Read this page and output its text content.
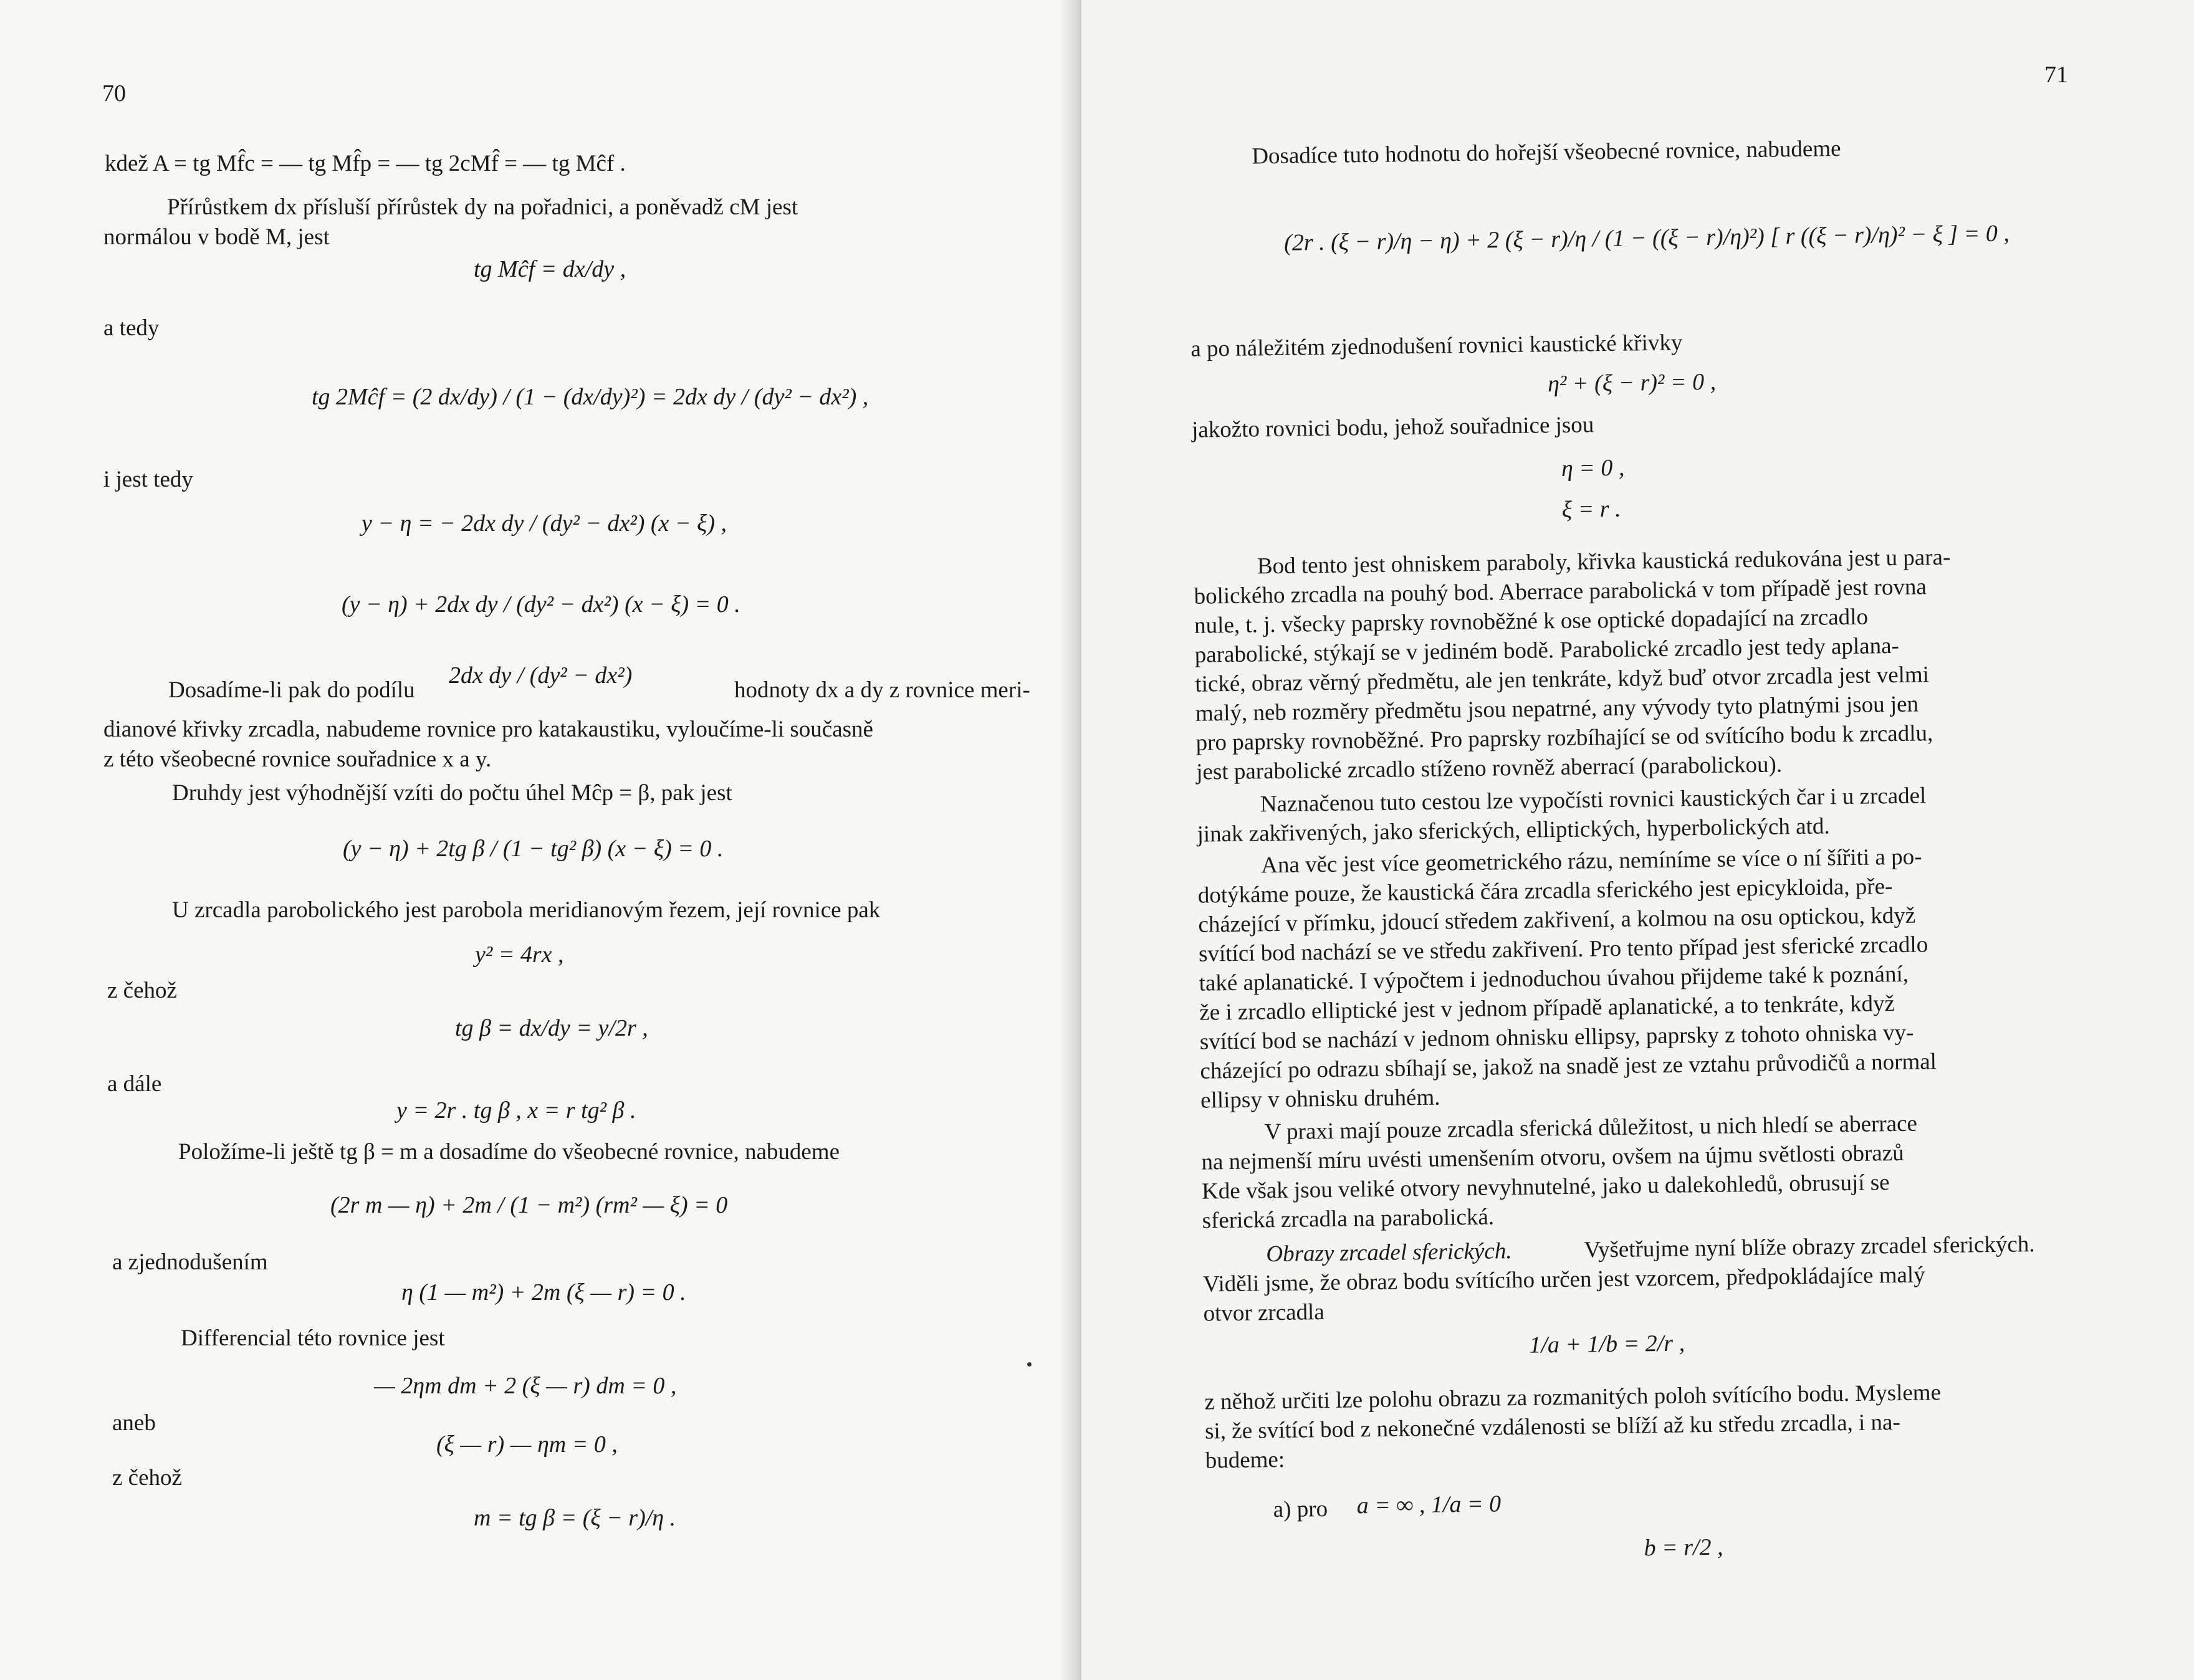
70
kdež A = tg Mf̂c = — tg Mf̂p = — tg 2cMf̂ = — tg Mĉf .
Přírůstkem dx přísluší přírůstek dy na pořadnici, a poněvadž cM jest
normálou v bodě M, jest
tg Mĉf = dx/dy ,
a tedy
tg 2Mĉf = (2 dx/dy) / (1 − (dx/dy)²) = 2dx dy / (dy² − dx²) ,
i jest tedy
y − η = − 2dx dy / (dy² − dx²) (x − ξ) ,
(y − η) + 2dx dy / (dy² − dx²) (x − ξ) = 0 .
Dosadíme-li pak do podílu
2dx dy / (dy² − dx²)
hodnoty dx a dy z rovnice meri-
dianové křivky zrcadla, nabudeme rovnice pro katakaustiku, vyloučíme-li současně
z této všeobecné rovnice souřadnice x a y.
Druhdy jest výhodnější vzíti do počtu úhel Mĉp = β, pak jest
(y − η) + 2tg β / (1 − tg² β) (x − ξ) = 0 .
U zrcadla parobolického jest parobola meridianovým řezem, její rovnice pak
y² = 4rx ,
z čehož
tg β = dx/dy = y/2r ,
a dále
y = 2r . tg β , x = r tg² β .
Položíme-li ještě tg β = m a dosadíme do všeobecné rovnice, nabudeme
(2r m — η) + 2m / (1 − m²) (rm² — ξ) = 0
a zjednodušením
η (1 — m²) + 2m (ξ — r) = 0 .
Differencial této rovnice jest
— 2ηm dm + 2 (ξ — r) dm = 0 ,
aneb
(ξ — r) — ηm = 0 ,
z čehož
m = tg β = (ξ − r)/η .
71
Dosadíce tuto hodnotu do hořejší všeobecné rovnice, nabudeme
(2r . (ξ − r)/η − η) + 2 (ξ − r)/η / (1 − ((ξ − r)/η)²) [ r ((ξ − r)/η)² − ξ ] = 0 ,
a po náležitém zjednodušení rovnici kaustické křivky
η² + (ξ − r)² = 0 ,
jakožto rovnici bodu, jehož souřadnice jsou
η = 0 ,
ξ = r .
Bod tento jest ohniskem paraboly, křivka kaustická redukována jest u para-
bolického zrcadla na pouhý bod. Aberrace parabolická v tom případě jest rovna
nule, t. j. všecky paprsky rovnoběžné k ose optické dopadající na zrcadlo
parabolické, stýkají se v jediném bodě. Parabolické zrcadlo jest tedy aplana-
tické, obraz věrný předmětu, ale jen tenkráte, když buď otvor zrcadla jest velmi
malý, neb rozměry předmětu jsou nepatrné, any vývody tyto platnými jsou jen
pro paprsky rovnoběžné. Pro paprsky rozbíhající se od svítícího bodu k zrcadlu,
jest parabolické zrcadlo stíženo rovněž aberrací (parabolickou).
Naznačenou tuto cestou lze vypočísti rovnici kaustických čar i u zrcadel
jinak zakřivených, jako sferických, elliptických, hyperbolických atd.
Ana věc jest více geometrického rázu, nemíníme se více o ní šířiti a po-
dotýkáme pouze, že kaustická čára zrcadla sferického jest epicykloida, pře-
cházející v přímku, jdoucí středem zakřivení, a kolmou na osu optickou, když
svítící bod nachází se ve středu zakřivení. Pro tento případ jest sferické zrcadlo
také aplanatické. I výpočtem i jednoduchou úvahou přijdeme také k poznání,
že i zrcadlo elliptické jest v jednom případě aplanatické, a to tenkráte, když
svítící bod se nachází v jednom ohnisku ellipsy, paprsky z tohoto ohniska vy-
cházející po odrazu sbíhají se, jakož na snadě jest ze vztahu průvodičů a normal
ellipsy v ohnisku druhém.
V praxi mají pouze zrcadla sferická důležitost, u nich hledí se aberrace
na nejmenší míru uvésti umenšením otvoru, ovšem na újmu světlosti obrazů
Kde však jsou veliké otvory nevyhnutelné, jako u dalekohledů, obrusují se
sferická zrcadla na parabolická.
Obrazy zrcadel sferických.	Vyšetřujme nyní blíže obrazy zrcadel sferických.
Viděli jsme, že obraz bodu svítícího určen jest vzorcem, předpokládajíce malý
otvor zrcadla
1/a + 1/b = 2/r ,
z něhož určiti lze polohu obrazu za rozmanitých poloh svítícího bodu. Mysleme
si, že svítící bod z nekonečné vzdálenosti se blíží až ku středu zrcadla, i na-
budeme:
a) pro a = ∞ , 1/a = 0
b = r/2 ,
